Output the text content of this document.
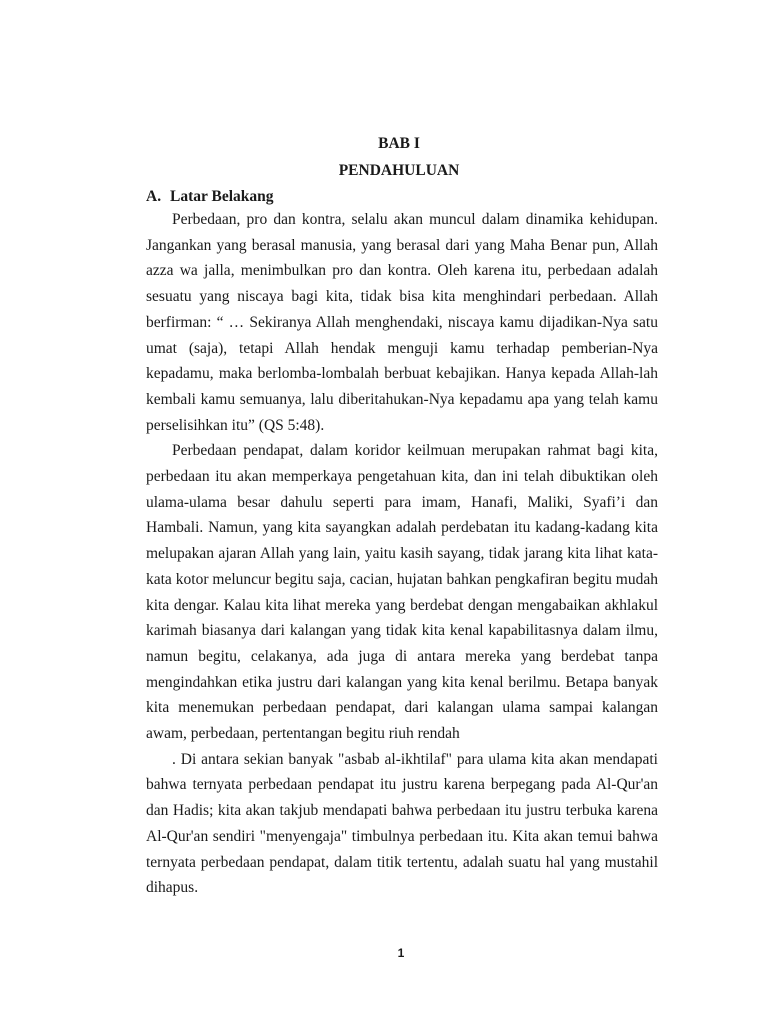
BAB I
PENDAHULUAN
A. Latar Belakang

Perbedaan, pro dan kontra, selalu akan muncul dalam dinamika kehidupan. Jangankan yang berasal manusia, yang berasal dari yang Maha Benar pun, Allah azza wa jalla, menimbulkan pro dan kontra. Oleh karena itu, perbedaan adalah sesuatu yang niscaya bagi kita, tidak bisa kita menghindari perbedaan. Allah berfirman: “ … Sekiranya Allah menghendaki, niscaya kamu dijadikan-Nya satu umat (saja), tetapi Allah hendak menguji kamu terhadap pemberian-Nya kepadamu, maka berlomba-lombalah berbuat kebajikan. Hanya kepada Allah-lah kembali kamu semuanya, lalu diberitahukan-Nya kepadamu apa yang telah kamu perselisihkan itu” (QS 5:48).

Perbedaan pendapat, dalam koridor keilmuan merupakan rahmat bagi kita, perbedaan itu akan memperkaya pengetahuan kita, dan ini telah dibuktikan oleh ulama-ulama besar dahulu seperti para imam, Hanafi, Maliki, Syafi’i dan Hambali. Namun, yang kita sayangkan adalah perdebatan itu kadang-kadang kita melupakan ajaran Allah yang lain, yaitu kasih sayang, tidak jarang kita lihat kata-kata kotor meluncur begitu saja, cacian, hujatan bahkan pengkafiran begitu mudah kita dengar. Kalau kita lihat mereka yang berdebat dengan mengabaikan akhlakul karimah biasanya dari kalangan yang tidak kita kenal kapabilitasnya dalam ilmu, namun begitu, celakanya, ada juga di antara mereka yang berdebat tanpa mengindahkan etika justru dari kalangan yang kita kenal berilmu. Betapa banyak kita menemukan perbedaan pendapat, dari kalangan ulama sampai kalangan awam, perbedaan, pertentangan begitu riuh rendah

. Di antara sekian banyak "asbab al-ikhtilaf" para ulama kita akan mendapati bahwa ternyata perbedaan pendapat itu justru karena berpegang pada Al-Qur'an dan Hadis; kita akan takjub mendapati bahwa perbedaan itu justru terbuka karena Al-Qur'an sendiri "menyengaja" timbulnya perbedaan itu. Kita akan temui bahwa ternyata perbedaan pendapat, dalam titik tertentu, adalah suatu hal yang mustahil dihapus.

1
